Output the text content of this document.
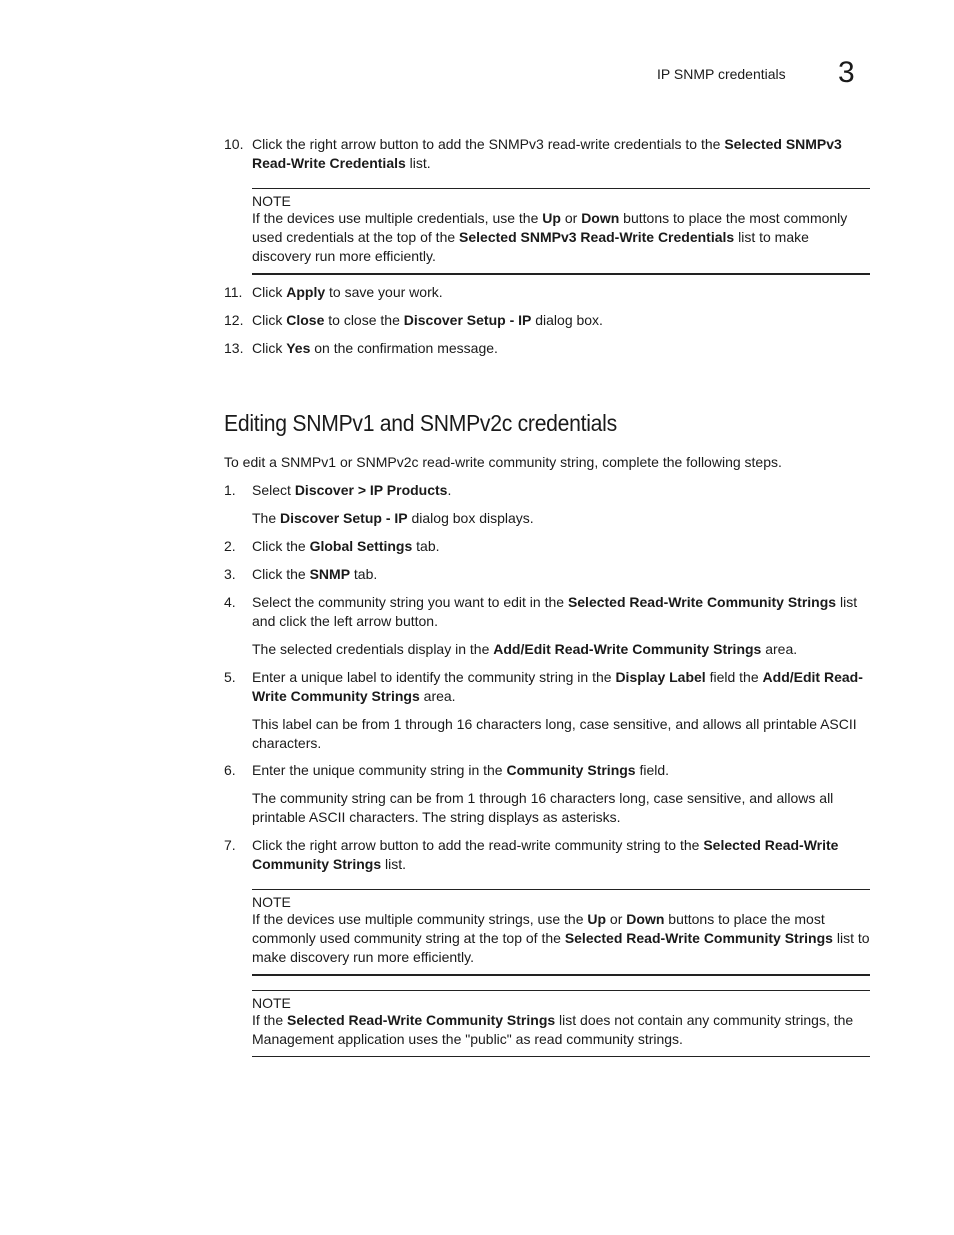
IP SNMP credentials 3
10. Click the right arrow button to add the SNMPv3 read-write credentials to the Selected SNMPv3 Read-Write Credentials list.
NOTE
If the devices use multiple credentials, use the Up or Down buttons to place the most commonly used credentials at the top of the Selected SNMPv3 Read-Write Credentials list to make discovery run more efficiently.
11. Click Apply to save your work.
12. Click Close to close the Discover Setup - IP dialog box.
13. Click Yes on the confirmation message.
Editing SNMPv1 and SNMPv2c credentials
To edit a SNMPv1 or SNMPv2c read-write community string, complete the following steps.
1. Select Discover > IP Products.
The Discover Setup - IP dialog box displays.
2. Click the Global Settings tab.
3. Click the SNMP tab.
4. Select the community string you want to edit in the Selected Read-Write Community Strings list and click the left arrow button.
The selected credentials display in the Add/Edit Read-Write Community Strings area.
5. Enter a unique label to identify the community string in the Display Label field the Add/Edit Read-Write Community Strings area.
This label can be from 1 through 16 characters long, case sensitive, and allows all printable ASCII characters.
6. Enter the unique community string in the Community Strings field.
The community string can be from 1 through 16 characters long, case sensitive, and allows all printable ASCII characters. The string displays as asterisks.
7. Click the right arrow button to add the read-write community string to the Selected Read-Write Community Strings list.
NOTE
If the devices use multiple community strings, use the Up or Down buttons to place the most commonly used community string at the top of the Selected Read-Write Community Strings list to make discovery run more efficiently.
NOTE
If the Selected Read-Write Community Strings list does not contain any community strings, the Management application uses the "public" as read community strings.
